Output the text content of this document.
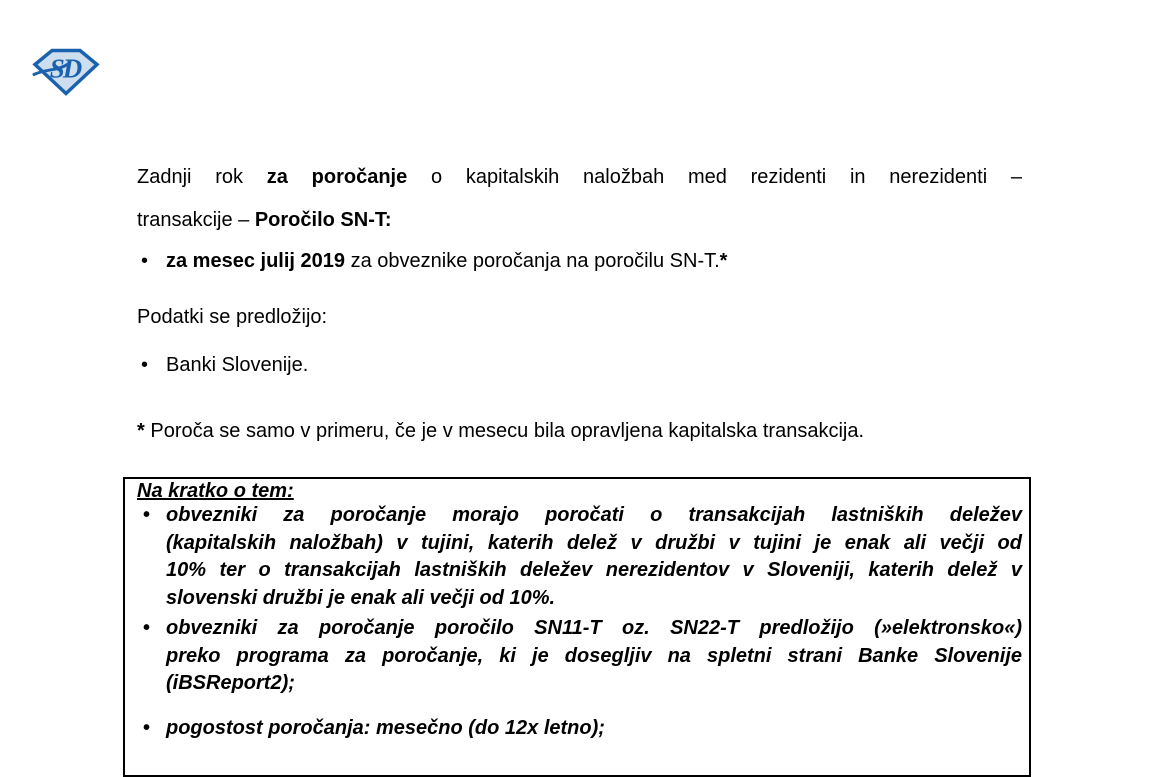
SD
Zadnji rok za poročanje o kapitalskih naložbah med rezidenti in nerezidenti –
transakcije – Poročilo SN-T:
• za mesec julij 2019 za obveznike poročanja na poročilu SN-T.*
Podatki se predložijo:
• Banki Slovenije.
* Poroča se samo v primeru, če je v mesecu bila opravljena kapitalska transakcija.
Na kratko o tem:
• obvezniki za poročanje morajo poročati o transakcijah lastniških deležev
(kapitalskih naložbah) v tujini, katerih delež v družbi v tujini je enak ali večji od
10% ter o transakcijah lastniških deležev nerezidentov v Sloveniji, katerih delež v
slovenski družbi je enak ali večji od 10%.
• obvezniki za poročanje poročilo SN11-T oz. SN22-T predložijo (»elektronsko«)
preko programa za poročanje, ki je dosegljiv na spletni strani Banke Slovenije
(iBSReport2);
• pogostost poročanja: mesečno (do 12x letno);
